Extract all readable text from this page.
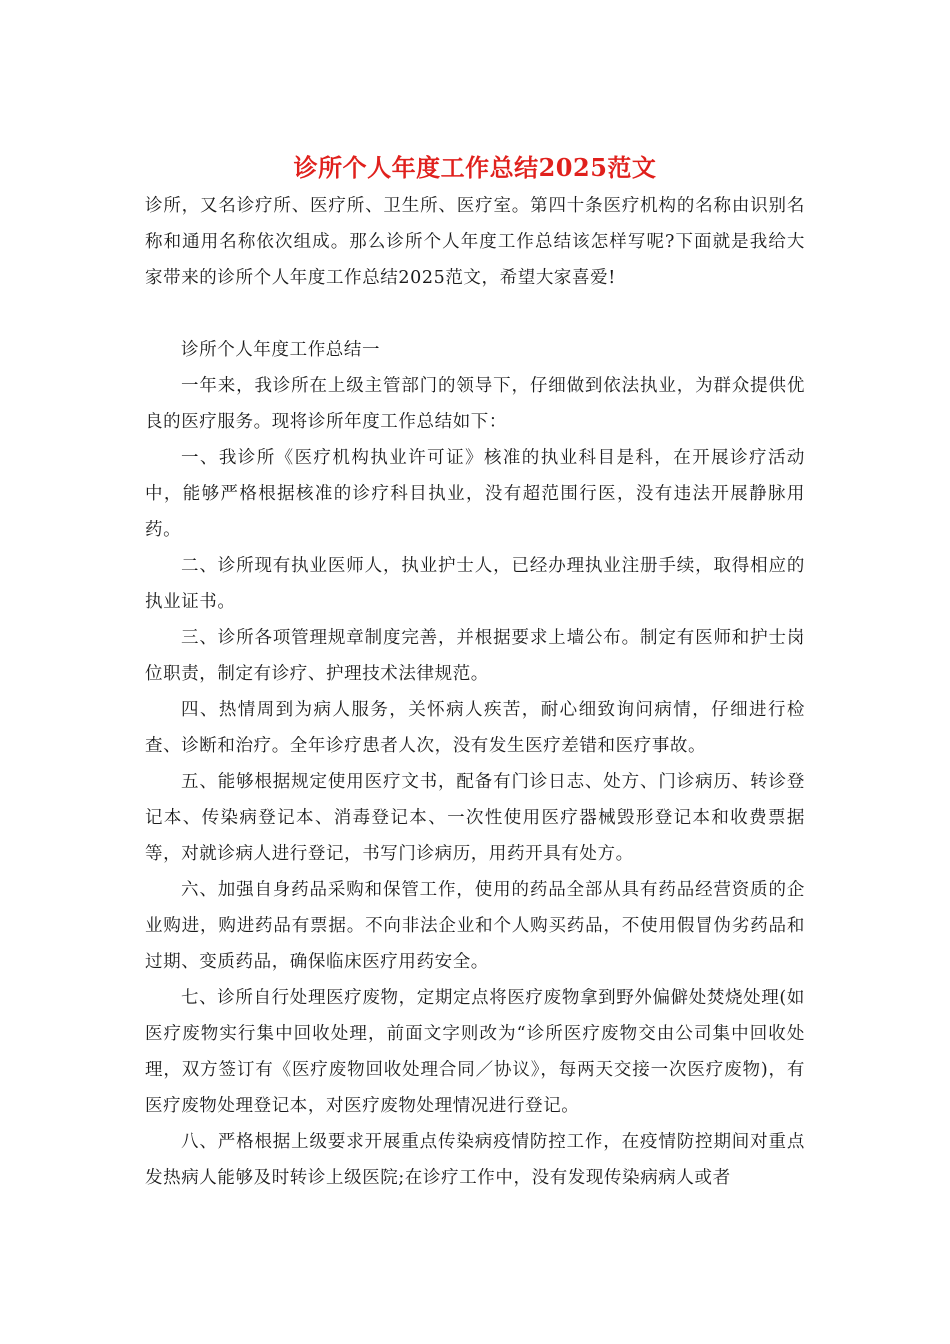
诊所个人年度工作总结2025范文

诊所，又名诊疗所、医疗所、卫生所、医疗室。第四十条医疗机构的名称由识别名称和通用名称依次组成。那么诊所个人年度工作总结该怎样写呢?下面就是我给大家带来的诊所个人年度工作总结2025范文，希望大家喜爱!

诊所个人年度工作总结一

一年来，我诊所在上级主管部门的领导下，仔细做到依法执业，为群众提供优良的医疗服务。现将诊所年度工作总结如下：

一、我诊所《医疗机构执业许可证》核准的执业科目是科，在开展诊疗活动中，能够严格根据核准的诊疗科目执业，没有超范围行医，没有违法开展静脉用药。

二、诊所现有执业医师人，执业护士人，已经办理执业注册手续，取得相应的执业证书。

三、诊所各项管理规章制度完善，并根据要求上墙公布。制定有医师和护士岗位职责，制定有诊疗、护理技术法律规范。

四、热情周到为病人服务，关怀病人疾苦，耐心细致询问病情，仔细进行检查、诊断和治疗。全年诊疗患者人次，没有发生医疗差错和医疗事故。

五、能够根据规定使用医疗文书，配备有门诊日志、处方、门诊病历、转诊登记本、传染病登记本、消毒登记本、一次性使用医疗器械毁形登记本和收费票据等，对就诊病人进行登记，书写门诊病历，用药开具有处方。

六、加强自身药品采购和保管工作，使用的药品全部从具有药品经营资质的企业购进，购进药品有票据。不向非法企业和个人购买药品，不使用假冒伪劣药品和过期、变质药品，确保临床医疗用药安全。

七、诊所自行处理医疗废物，定期定点将医疗废物拿到野外偏僻处焚烧处理(如医疗废物实行集中回收处理，前面文字则改为“诊所医疗废物交由公司集中回收处理，双方签订有《医疗废物回收处理合同／协议》，每两天交接一次医疗废物)，有医疗废物处理登记本，对医疗废物处理情况进行登记。

八、严格根据上级要求开展重点传染病疫情防控工作，在疫情防控期间对重点发热病人能够及时转诊上级医院;在诊疗工作中，没有发现传染病病人或者
